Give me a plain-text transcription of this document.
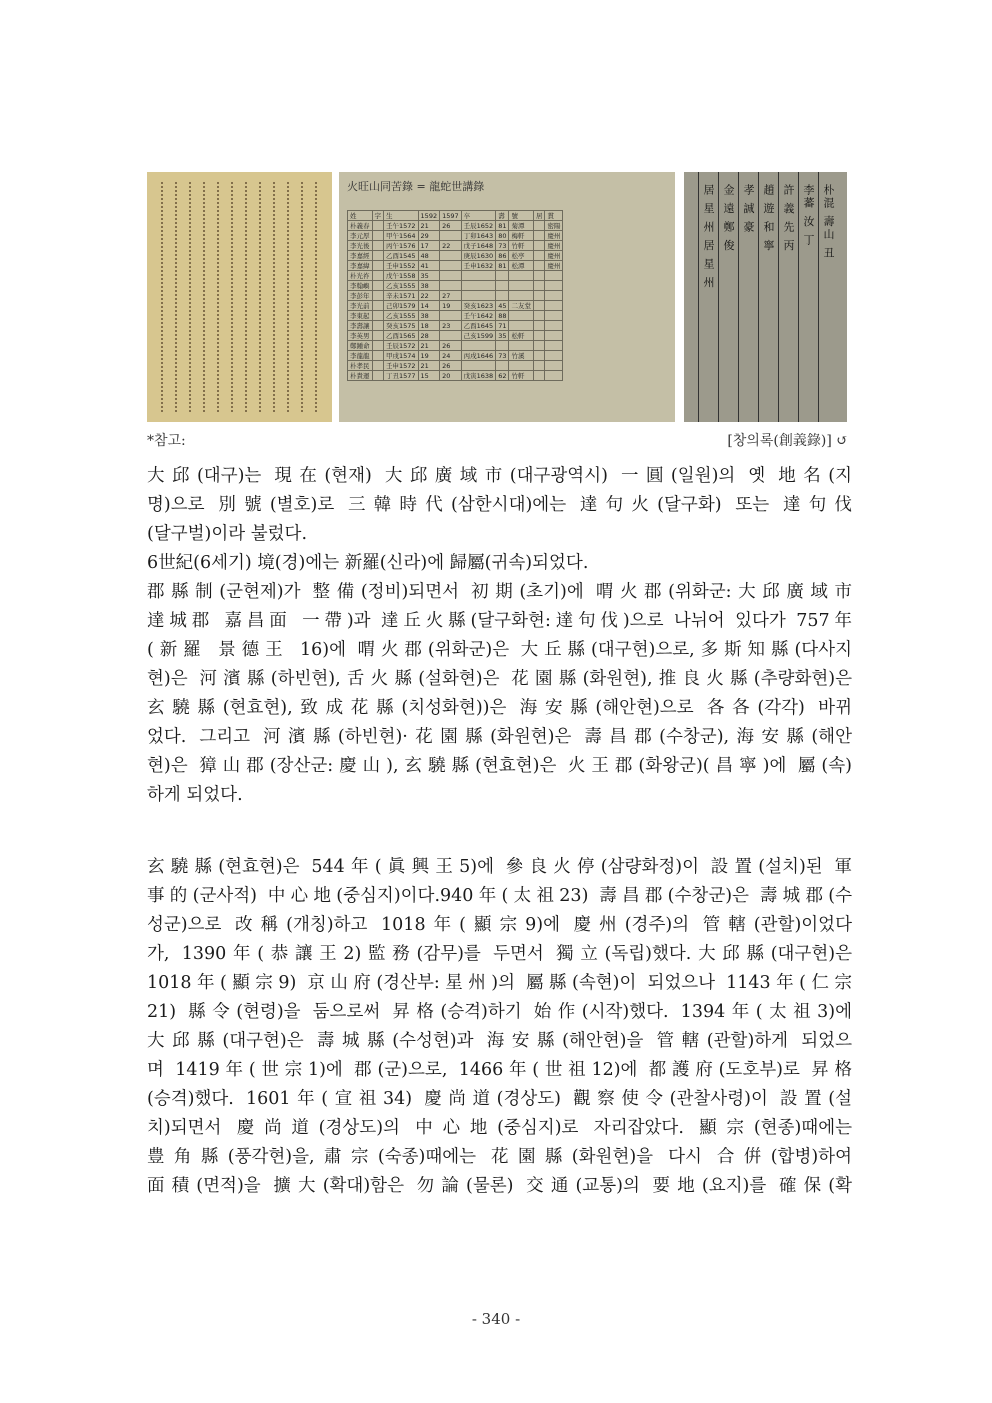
火旺山同苦錄 = 龍蛇世講錄
姓	字	生	1592	1597	卒	壽	號	居	貫
朴義春		壬午1572	21	26	壬辰1652	81	菊潭		密陽
李元厚		甲午1564	29		丁卯1643	80	梅軒		慶州
李光後		丙午1576	17	22	戊子1648	73	竹軒		慶州
李嘉經		乙酉1545	48		庚辰1630	86	松亭		慶州
李嘉緯		壬申1552	41		壬申1632	81	松潭		慶州
朴光祚		戊午1558	35						
李翰嶼		乙亥1555	38						
李彭年		辛未1571	22	27					
李光前		己卯1579	14	19	癸亥1623	45	二友堂		
李東起		乙亥1555	38		壬午1642	88			
李壽讓		癸亥1575	18	23	乙酉1645	71			
李英男		乙酉1565	28		己亥1599	35	松軒		
鄭鍾命		壬辰1572	21	26					
李龍龍		甲戌1574	19	24	丙戌1646	73	竹溪		
朴孝民		壬申1572	21	26					
朴貴運		丁丑1577	15	20	戊寅1638	62	竹軒		
朴混 壽山 丑
李蕃 汝 丁
許 義 先 丙
趙 遊 和 寧
孝 誠 豪
金 遠 鄭 俊
居 星 州 居 星 州
*참고:	[창의록(創義錄)] ↺
大邱(대구)는 現在(현재) 大邱廣域市(대구광역시) 一圓(일원)의 옛 地名(지
명)으로 別號(별호)로 三韓時代(삼한시대)에는 達句火(달구화) 또는 達句伐
(달구벌)이라 불렀다.
6世紀(6세기) 境(경)에는 新羅(신라)에 歸屬(귀속)되었다.
郡縣制(군현제)가 整備(정비)되면서 初期(초기)에 喟火郡(위화군:大邱廣域市
達城郡 嘉昌面 一帶)과 達丘火縣(달구화현:達句伐)으로 나뉘어 있다가 757年
(新羅 景德王 16)에 喟火郡(위화군)은 大丘縣(대구현)으로,多斯知縣(다사지
현)은 河濱縣(하빈현),舌火縣(설화현)은 花園縣(화원현),推良火縣(추량화현)은
玄驍縣(현효현),致成花縣(치성화현))은 海安縣(해안현)으로 各各(각각) 바뀌
었다. 그리고 河濱縣(하빈현)·花園縣(화원현)은 壽昌郡(수창군),海安縣(해안
현)은 獐山郡(장산군:慶山),玄驍縣(현효현)은 火王郡(화왕군)(昌寧)에 屬(속)
하게 되었다.
玄驍縣(현효현)은 544年(眞興王5)에 參良火停(삼량화정)이 設置(설치)된 軍
事的(군사적) 中心地(중심지)이다.940年(太祖23) 壽昌郡(수창군)은 壽城郡(수
성군)으로 改稱(개칭)하고 1018年(顯宗9)에 慶州(경주)의 管轄(관할)이었다
가, 1390年(恭讓王2)監務(감무)를 두면서 獨立(독립)했다.大邱縣(대구현)은
1018年(顯宗9) 京山府(경산부:星州)의 屬縣(속현)이 되었으나 1143年(仁宗
21) 縣令(현령)을 둠으로써 昇格(승격)하기 始作(시작)했다. 1394年(太祖3)에
大邱縣(대구현)은 壽城縣(수성현)과 海安縣(해안현)을 管轄(관할)하게 되었으
며 1419年(世宗1)에 郡(군)으로, 1466年(世祖12)에 都護府(도호부)로 昇格
(승격)했다. 1601年(宣祖34) 慶尚道(경상도) 觀察使令(관찰사령)이 設置(설
치)되면서 慶尚道(경상도)의 中心地(중심지)로 자리잡았다. 顯宗(현종)때에는
豊角縣(풍각현)을,肅宗(숙종)때에는 花園縣(화원현)을 다시 合倂(합병)하여
面積(면적)을 擴大(확대)함은 勿論(물론) 交通(교통)의 要地(요지)를 確保(확
- 340 -
